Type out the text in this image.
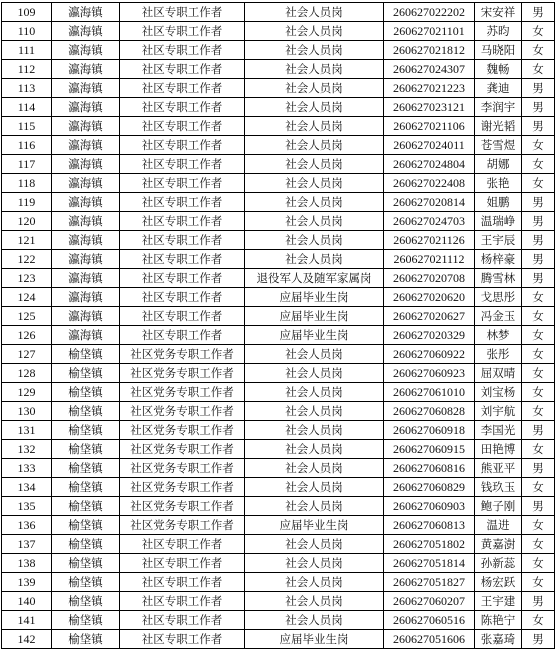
109	瀛海镇	社区专职工作者	社会人员岗	260627022202	宋安祥	男
110	瀛海镇	社区专职工作者	社会人员岗	260627021101	苏昀	女
111	瀛海镇	社区专职工作者	社会人员岗	260627021812	马晓阳	女
112	瀛海镇	社区专职工作者	社会人员岗	260627024307	魏畅	女
113	瀛海镇	社区专职工作者	社会人员岗	260627021223	龚迪	男
114	瀛海镇	社区专职工作者	社会人员岗	260627023121	李润宇	男
115	瀛海镇	社区专职工作者	社会人员岗	260627021106	谢光韬	男
116	瀛海镇	社区专职工作者	社会人员岗	260627024011	苍雪煜	女
117	瀛海镇	社区专职工作者	社会人员岗	260627024804	胡娜	女
118	瀛海镇	社区专职工作者	社会人员岗	260627022408	张艳	女
119	瀛海镇	社区专职工作者	社会人员岗	260627020814	姐鹏	男
120	瀛海镇	社区专职工作者	社会人员岗	260627024703	温瑞峥	男
121	瀛海镇	社区专职工作者	社会人员岗	260627021126	王宇辰	男
122	瀛海镇	社区专职工作者	社会人员岗	260627021112	杨梓豪	男
123	瀛海镇	社区专职工作者	退役军人及随军家属岗	260627020708	腾雪林	男
124	瀛海镇	社区专职工作者	应届毕业生岗	260627020620	戈思彤	女
125	瀛海镇	社区专职工作者	应届毕业生岗	260627020627	冯金玉	女
126	瀛海镇	社区专职工作者	应届毕业生岗	260627020329	林梦	女
127	榆垡镇	社区党务专职工作者	社会人员岗	260627060922	张彤	女
128	榆垡镇	社区党务专职工作者	社会人员岗	260627060923	屈双晴	女
129	榆垡镇	社区党务专职工作者	社会人员岗	260627061010	刘宝杨	女
130	榆垡镇	社区党务专职工作者	社会人员岗	260627060828	刘宇航	女
131	榆垡镇	社区党务专职工作者	社会人员岗	260627060918	李国光	男
132	榆垡镇	社区党务专职工作者	社会人员岗	260627060915	田艳博	女
133	榆垡镇	社区党务专职工作者	社会人员岗	260627060816	熊亚平	男
134	榆垡镇	社区党务专职工作者	社会人员岗	260627060829	钱玖玉	女
135	榆垡镇	社区党务专职工作者	社会人员岗	260627060903	鲍子刚	男
136	榆垡镇	社区党务专职工作者	应届毕业生岗	260627060813	温进	女
137	榆垡镇	社区专职工作者	社会人员岗	260627051802	黄嘉澍	女
138	榆垡镇	社区专职工作者	社会人员岗	260627051814	孙新蕊	女
139	榆垡镇	社区专职工作者	社会人员岗	260627051827	杨宏跃	女
140	榆垡镇	社区专职工作者	社会人员岗	260627060207	王宇建	男
141	榆垡镇	社区专职工作者	社会人员岗	260627060516	陈艳宁	女
142	榆垡镇	社区专职工作者	应届毕业生岗	260627051606	张嘉琦	男
